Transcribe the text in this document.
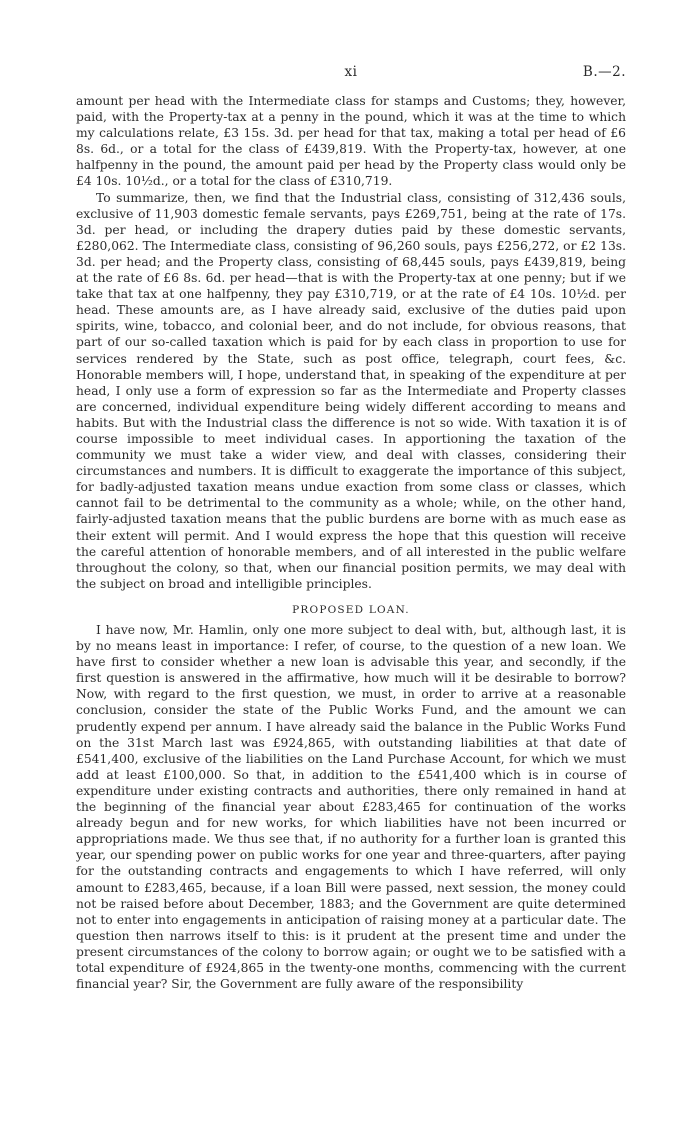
xi	B.—2.

amount per head with the Intermediate class for stamps and Customs; they, however, paid, with the Property-tax at a penny in the pound, which it was at the time to which my calculations relate, £3 15s. 3d. per head for that tax, making a total per head of £6 8s. 6d., or a total for the class of £439,819. With the Property-tax, however, at one halfpenny in the pound, the amount paid per head by the Property class would only be £4 10s. 10½d., or a total for the class of £310,719.

To summarize, then, we find that the Industrial class, consisting of 312,436 souls, exclusive of 11,903 domestic female servants, pays £269,751, being at the rate of 17s. 3d. per head, or including the drapery duties paid by these domestic servants, £280,062. The Intermediate class, consisting of 96,260 souls, pays £256,272, or £2 13s. 3d. per head; and the Property class, consisting of 68,445 souls, pays £439,819, being at the rate of £6 8s. 6d. per head—that is with the Property-tax at one penny; but if we take that tax at one halfpenny, they pay £310,719, or at the rate of £4 10s. 10½d. per head. These amounts are, as I have already said, exclusive of the duties paid upon spirits, wine, tobacco, and colonial beer, and do not include, for obvious reasons, that part of our so-called taxation which is paid for by each class in proportion to use for services rendered by the State, such as post office, telegraph, court fees, &c. Honorable members will, I hope, understand that, in speaking of the expenditure at per head, I only use a form of expression so far as the Intermediate and Property classes are concerned, individual expenditure being widely different according to means and habits. But with the Industrial class the difference is not so wide. With taxation it is of course impossible to meet individual cases. In apportioning the taxation of the community we must take a wider view, and deal with classes, considering their circumstances and numbers. It is difficult to exaggerate the importance of this subject, for badly-adjusted taxation means undue exaction from some class or classes, which cannot fail to be detrimental to the community as a whole; while, on the other hand, fairly-adjusted taxation means that the public burdens are borne with as much ease as their extent will permit. And I would express the hope that this question will receive the careful attention of honorable members, and of all interested in the public welfare throughout the colony, so that, when our financial position permits, we may deal with the subject on broad and intelligible principles.

PROPOSED LOAN.

I have now, Mr. Hamlin, only one more subject to deal with, but, although last, it is by no means least in importance: I refer, of course, to the question of a new loan. We have first to consider whether a new loan is advisable this year, and secondly, if the first question is answered in the affirmative, how much will it be desirable to borrow? Now, with regard to the first question, we must, in order to arrive at a reasonable conclusion, consider the state of the Public Works Fund, and the amount we can prudently expend per annum. I have already said the balance in the Public Works Fund on the 31st March last was £924,865, with outstanding liabilities at that date of £541,400, exclusive of the liabilities on the Land Purchase Account, for which we must add at least £100,000. So that, in addition to the £541,400 which is in course of expenditure under existing contracts and authorities, there only remained in hand at the beginning of the financial year about £283,465 for continuation of the works already begun and for new works, for which liabilities have not been incurred or appropriations made. We thus see that, if no authority for a further loan is granted this year, our spending power on public works for one year and three-quarters, after paying for the outstanding contracts and engagements to which I have referred, will only amount to £283,465, because, if a loan Bill were passed, next session, the money could not be raised before about December, 1883; and the Government are quite determined not to enter into engagements in anticipation of raising money at a particular date. The question then narrows itself to this: is it prudent at the present time and under the present circumstances of the colony to borrow again; or ought we to be satisfied with a total expenditure of £924,865 in the twenty-one months, commencing with the current financial year? Sir, the Government are fully aware of the responsibility
